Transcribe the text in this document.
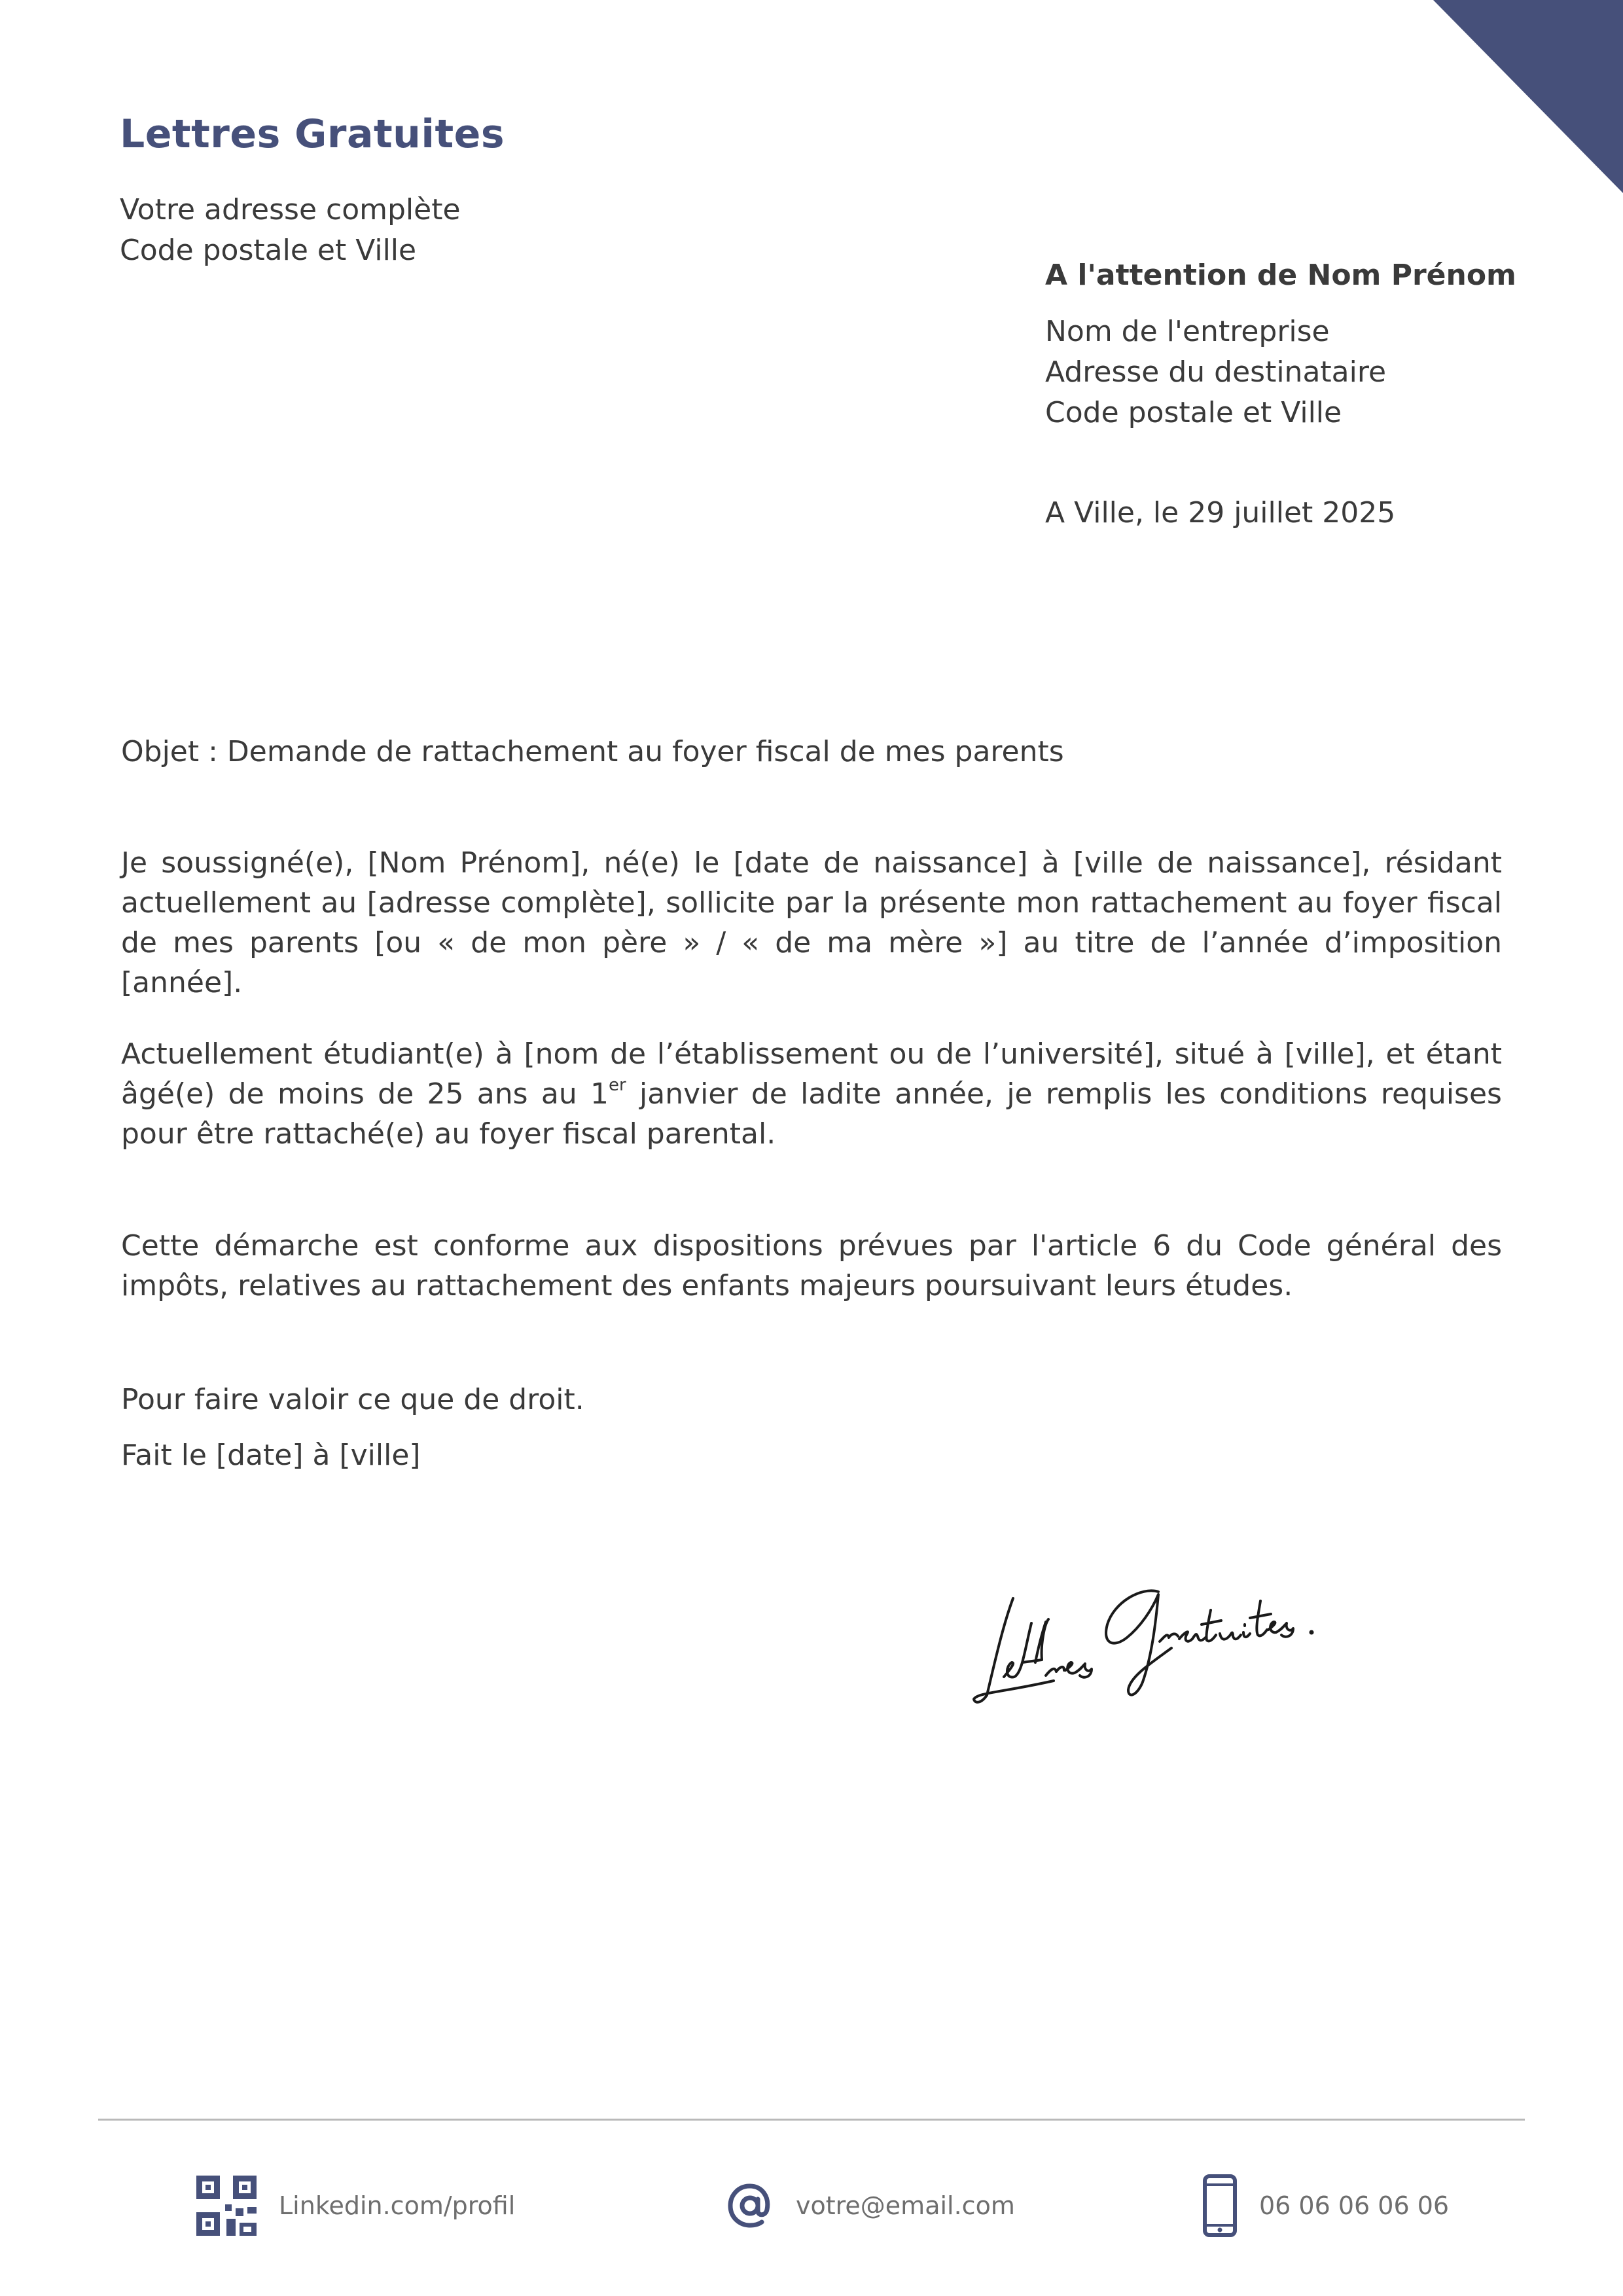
Lettres Gratuites
Votre adresse complète
Code postale et Ville
A l'attention de Nom Prénom
Nom de l'entreprise
Adresse du destinataire
Code postale et Ville
A Ville, le 29 juillet 2025
Objet : Demande de rattachement au foyer fiscal de mes parents
Je soussigné(e), [Nom Prénom], né(e) le [date de naissance] à [ville de naissance], résidant actuellement au [adresse complète], sollicite par la présente mon rattachement au foyer fiscal de mes parents [ou « de mon père » / « de ma mère »] au titre de l’année d’imposition [année].
Actuellement étudiant(e) à [nom de l’établissement ou de l’université], situé à [ville], et étant âgé(e) de moins de 25 ans au 1er janvier de ladite année, je remplis les conditions requises pour être rattaché(e) au foyer fiscal parental.
Cette démarche est conforme aux dispositions prévues par l'article 6 du Code général des impôts, relatives au rattachement des enfants majeurs poursuivant leurs études.
Pour faire valoir ce que de droit.
Fait le [date] à [ville]
Linkedin.com/profil	votre@email.com	06 06 06 06 06
